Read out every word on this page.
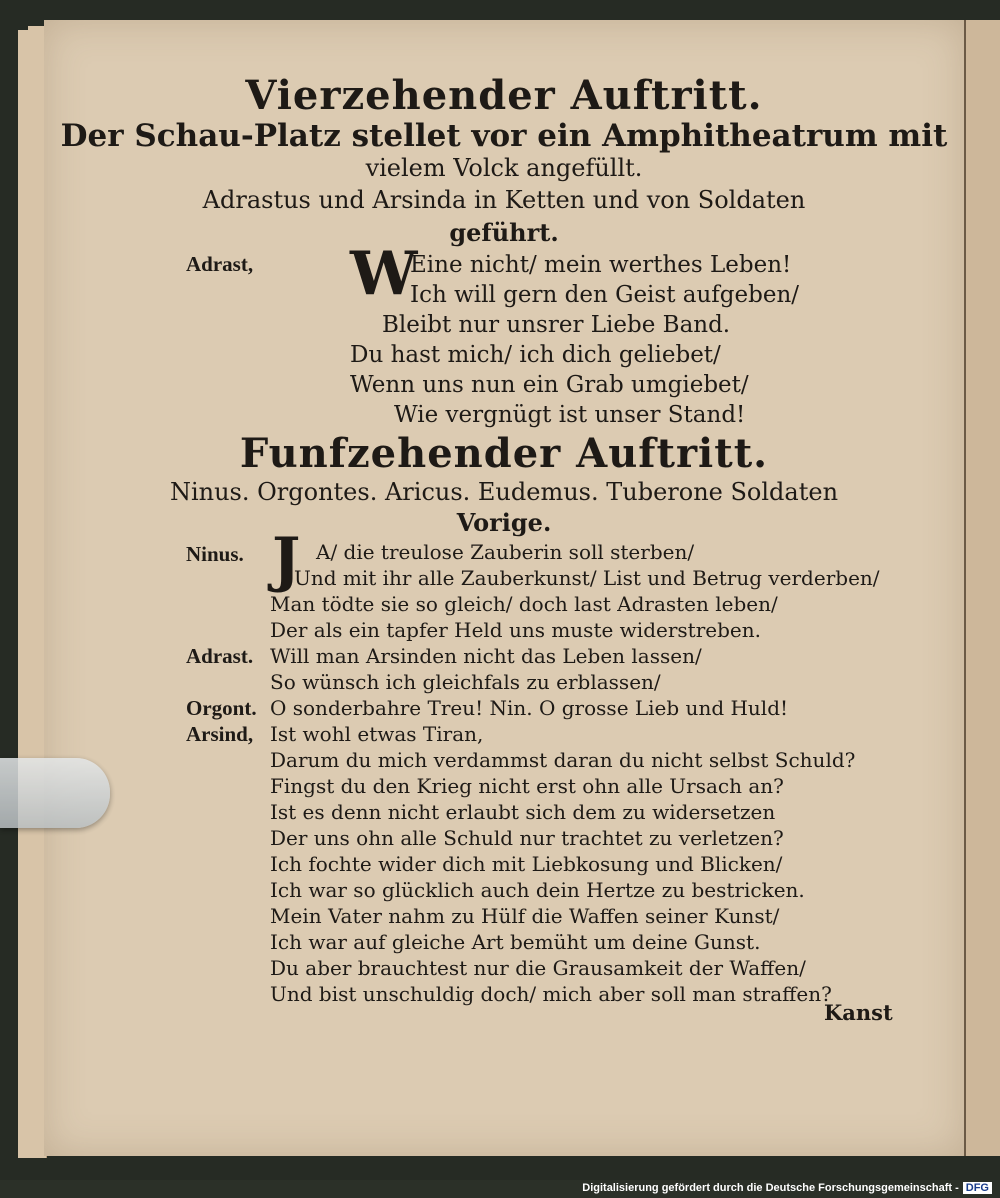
Vierzehender Auftritt.
Der Schau-Platz stellet vor ein Amphitheatrum mit
vielem Volck angefüllt.
Adrastus und Arsinda in Ketten und von Soldaten
geführt.
Adrast, W
Eine nicht/ mein werthes Leben!
Ich will gern den Geist aufgeben/
Bleibt nur unsrer Liebe Band.
Du hast mich/ ich dich geliebet/
Wenn uns nun ein Grab umgiebet/
Wie vergnügt ist unser Stand!
Funfzehender Auftritt.
Ninus. Orgontes. Aricus. Eudemus. Tuberone Soldaten
Vorige.
Ninus. J A/ die treulose Zauberin soll sterben/
Und mit ihr alle Zauberkunst/ List und Betrug verderben/
Man tödte sie so gleich/ doch last Adrasten leben/
Der als ein tapfer Held uns muste widerstreben.
Adrast. Will man Arsinden nicht das Leben lassen/
So wünsch ich gleichfals zu erblassen/
Orgont. O sonderbahre Treu! Nin. O grosse Lieb und Huld!
Arsind, Ist wohl etwas Tiran,
Darum du mich verdammst daran du nicht selbst Schuld?
Fingst du den Krieg nicht erst ohn alle Ursach an?
Ist es denn nicht erlaubt sich dem zu widersetzen
Der uns ohn alle Schuld nur trachtet zu verletzen?
Ich fochte wider dich mit Liebkosung und Blicken/
Ich war so glücklich auch dein Hertze zu bestricken.
Mein Vater nahm zu Hülf die Waffen seiner Kunst/
Ich war auf gleiche Art bemüht um deine Gunst.
Du aber brauchtest nur die Grausamkeit der Waffen/
Und bist unschuldig doch/ mich aber soll man straffen?
Kanst
Digitalisierung gefördert durch die Deutsche Forschungsgemeinschaft - DFG
